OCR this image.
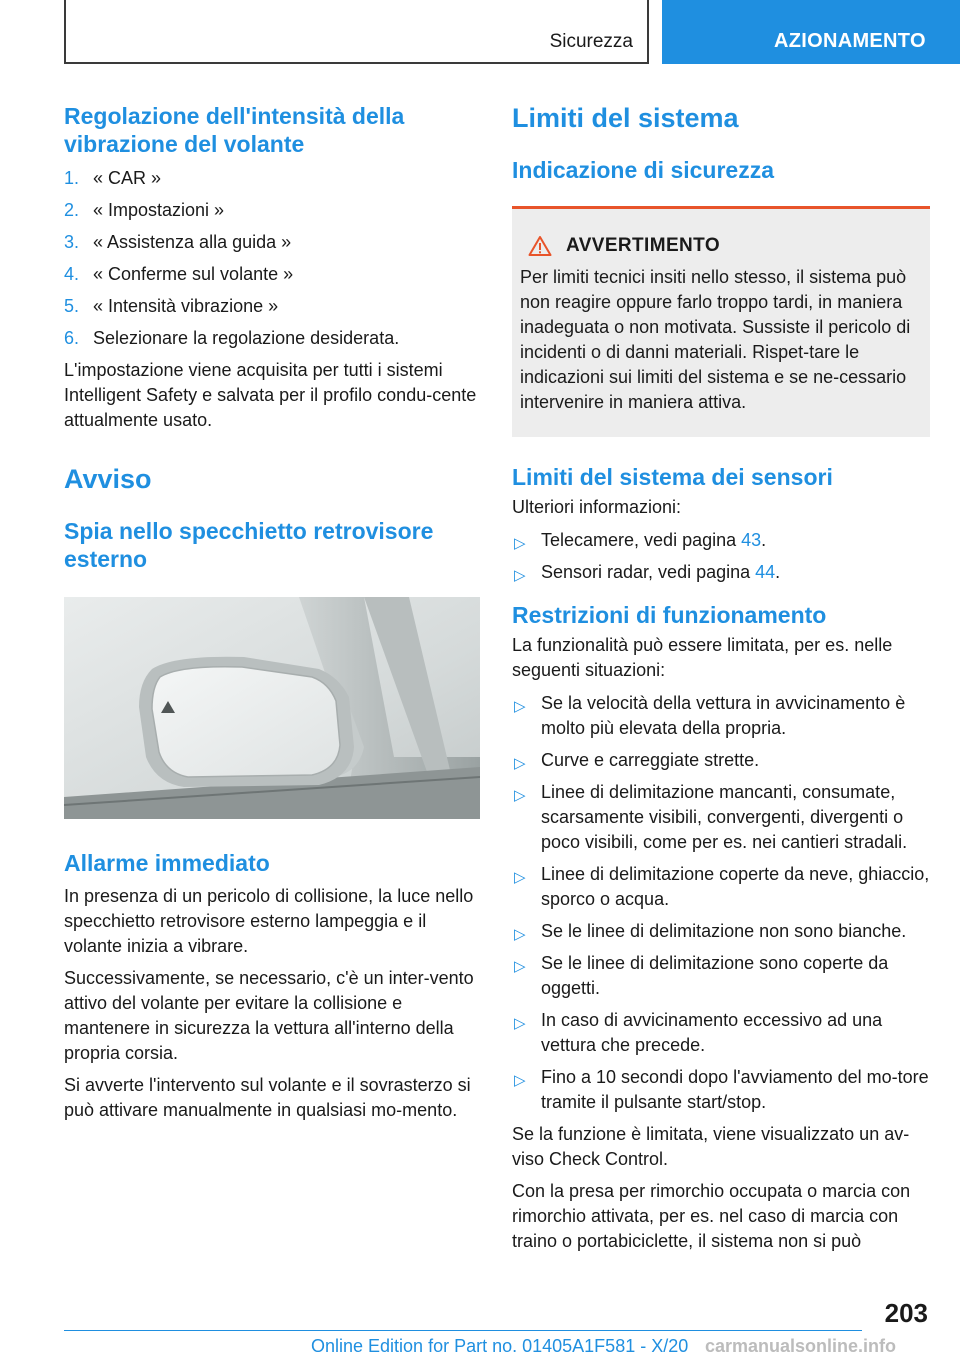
Sicurezza	AZIONAMENTO
Regolazione dell'intensità della vibrazione del volante
1. « CAR »
2. « Impostazioni »
3. « Assistenza alla guida »
4. « Conferme sul volante »
5. « Intensità vibrazione »
6. Selezionare la regolazione desiderata.

L'impostazione viene acquisita per tutti i sistemi Intelligent Safety e salvata per il profilo condu-cente attualmente usato.

Avviso
Spia nello specchietto retrovisore esterno
Allarme immediato

In presenza di un pericolo di collisione, la luce nello specchietto retrovisore esterno lampeggia e il volante inizia a vibrare.

Successivamente, se necessario, c'è un inter-vento attivo del volante per evitare la collisione e mantenere in sicurezza la vettura all'interno della propria corsia.

Si avverte l'intervento sul volante e il sovrasterzo si può attivare manualmente in qualsiasi mo-mento.

Limiti del sistema
Indicazione di sicurezza
AVVERTIMENTO

Per limiti tecnici insiti nello stesso, il sistema può non reagire oppure farlo troppo tardi, in maniera inadeguata o non motivata. Sussiste il pericolo di incidenti o di danni materiali. Rispet-tare le indicazioni sui limiti del sistema e se ne-cessario intervenire in maniera attiva.

Limiti del sistema dei sensori

Ulteriori informazioni:

▷ Telecamere, vedi pagina 43.
▷ Sensori radar, vedi pagina 44.
Restrizioni di funzionamento

La funzionalità può essere limitata, per es. nelle seguenti situazioni:

▷ Se la velocità della vettura in avvicinamento è molto più elevata della propria.
▷ Curve e carreggiate strette.
▷ Linee di delimitazione mancanti, consumate, scarsamente visibili, convergenti, divergenti o poco visibili, come per es. nei cantieri stradali.
▷ Linee di delimitazione coperte da neve, ghiaccio, sporco o acqua.
▷ Se le linee di delimitazione non sono bianche.
▷ Se le linee di delimitazione sono coperte da oggetti.
▷ In caso di avvicinamento eccessivo ad una vettura che precede.
▷ Fino a 10 secondi dopo l'avviamento del mo-tore tramite il pulsante start/stop.

Se la funzione è limitata, viene visualizzato un av-viso Check Control.

Con la presa per rimorchio occupata o marcia con rimorchio attivata, per es. nel caso di marcia con traino o portabiciclette, il sistema non si può

203
Online Edition for Part no. 01405A1F581 - X/20 carmanualsonline.info
